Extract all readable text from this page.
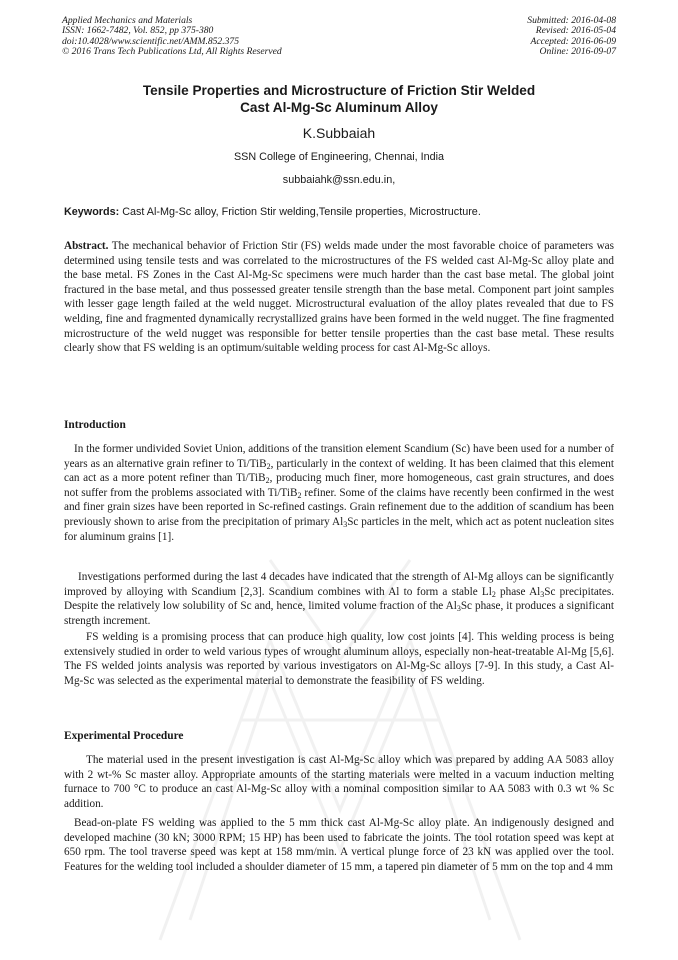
Applied Mechanics and Materials
ISSN: 1662-7482, Vol. 852, pp 375-380
doi:10.4028/www.scientific.net/AMM.852.375
© 2016 Trans Tech Publications Ltd, All Rights Reserved
Submitted: 2016-04-08
Revised: 2016-05-04
Accepted: 2016-06-09
Online: 2016-09-07
Tensile Properties and Microstructure of Friction Stir Welded
Cast Al-Mg-Sc Aluminum Alloy
K.Subbaiah
SSN College of Engineering, Chennai, India
subbaiahk@ssn.edu.in,
Keywords: Cast Al-Mg-Sc alloy, Friction Stir welding,Tensile properties, Microstructure.

Abstract. The mechanical behavior of Friction Stir (FS) welds made under the most favorable choice of parameters was determined using tensile tests and was correlated to the microstructures of the FS welded cast Al-Mg-Sc alloy plate and the base metal. FS Zones in the Cast Al-Mg-Sc specimens were much harder than the cast base metal. The global joint fractured in the base metal, and thus possessed greater tensile strength than the base metal. Component part joint samples with lesser gage length failed at the weld nugget. Microstructural evaluation of the alloy plates revealed that due to FS welding, fine and fragmented dynamically recrystallized grains have been formed in the weld nugget. The fine fragmented microstructure of the weld nugget was responsible for better tensile properties than the cast base metal. These results clearly show that FS welding is an optimum/suitable welding process for cast Al-Mg-Sc alloys.

Introduction

In the former undivided Soviet Union, additions of the transition element Scandium (Sc) have been used for a number of years as an alternative grain refiner to Ti/TiB$_2$, particularly in the context of welding. It has been claimed that this element can act as a more potent refiner than Ti/TiB$_2$, producing much finer, more homogeneous, cast grain structures, and does not suffer from the problems associated with Ti/TiB$_2$ refiner. Some of the claims have recently been confirmed in the west and finer grain sizes have been reported in Sc-refined castings. Grain refinement due to the addition of scandium has been previously shown to arise from the precipitation of primary $Al_3Sc$ particles in the melt, which act as potent nucleation sites for aluminum grains [1].

Investigations performed during the last 4 decades have indicated that the strength of Al-Mg alloys can be significantly improved by alloying with Scandium [2,3]. Scandium combines with Al to form a stable $Ll_2$ phase $Al_3Sc$ precipitates. Despite the relatively low solubility of Sc and, hence, limited volume fraction of the $Al_3Sc$ phase, it produces a significant strength increment.

FS welding is a promising process that can produce high quality, low cost joints [4]. This welding process is being extensively studied in order to weld various types of wrought aluminum alloys, especially non-heat-treatable Al-Mg [5,6]. The FS welded joints analysis was reported by various investigators on Al-Mg-Sc alloys [7-9]. In this study, a Cast Al-Mg-Sc was selected as the experimental material to demonstrate the feasibility of FS welding.

Experimental Procedure

The material used in the present investigation is cast Al-Mg-Sc alloy which was prepared by adding AA 5083 alloy with 2 wt-% Sc master alloy. Appropriate amounts of the starting materials were melted in a vacuum induction melting furnace to 700 °C to produce an cast Al-Mg-Sc alloy with a nominal composition similar to AA 5083 with 0.3 wt % Sc addition.

Bead-on-plate FS welding was applied to the 5 mm thick cast Al-Mg-Sc alloy plate. An indigenously designed and developed machine (30 kN; 3000 RPM; 15 HP) has been used to fabricate the joints. The tool rotation speed was kept at 650 rpm. The tool traverse speed was kept at 158 mm/min. A vertical plunge force of 23 kN was applied over the tool. Features for the welding tool included a shoulder diameter of 15 mm, a tapered pin diameter of 5 mm on the top and 4 mm
